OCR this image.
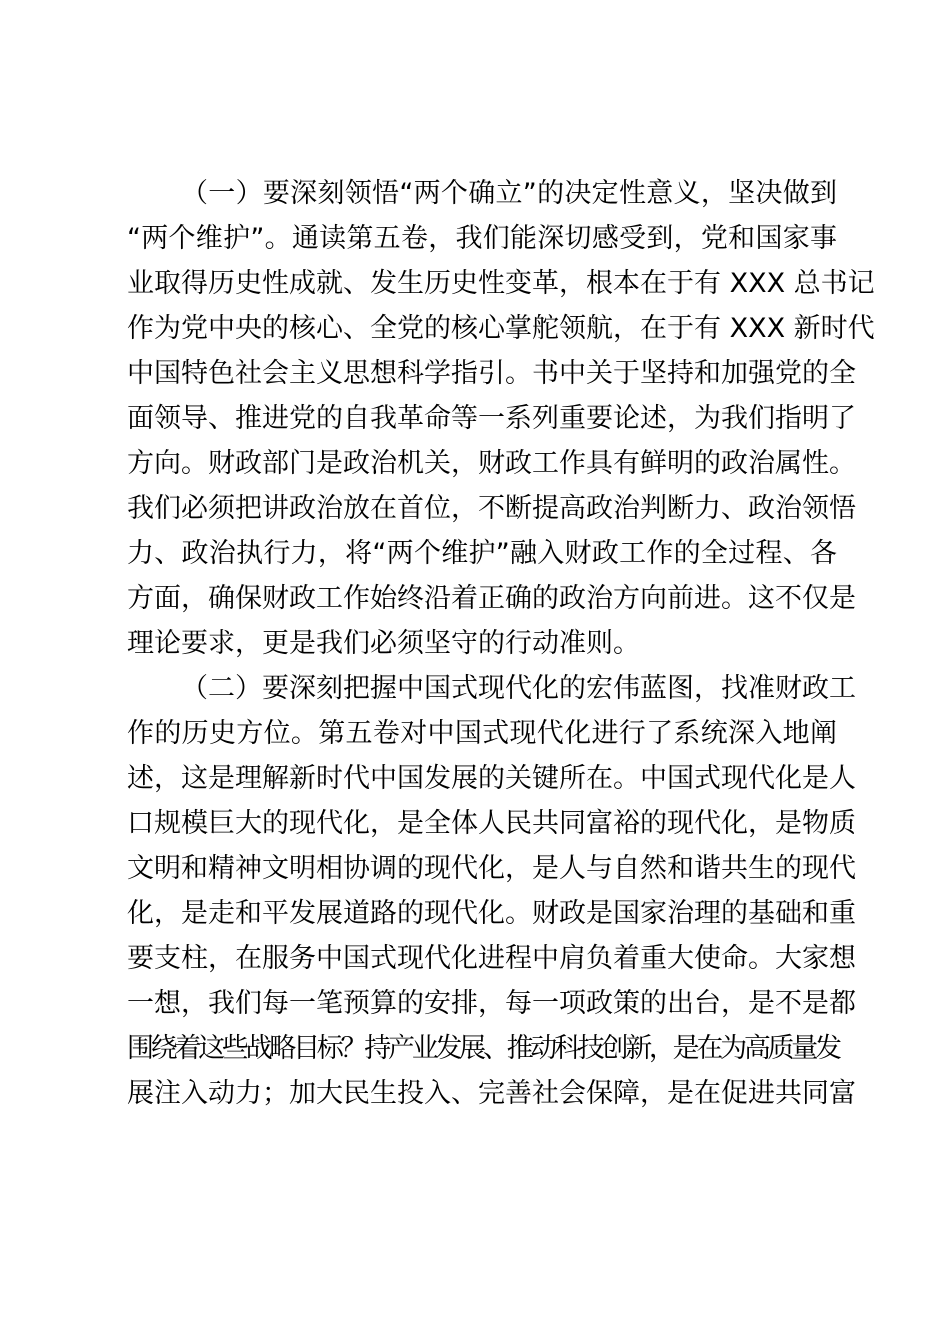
（一）要深刻领悟“两个确立”的决定性意义，坚决做到
“两个维护”。通读第五卷，我们能深切感受到，党和国家事
业取得历史性成就、发生历史性变革，根本在于有 XXX 总书记
作为党中央的核心、全党的核心掌舵领航，在于有 XXX 新时代
中国特色社会主义思想科学指引。书中关于坚持和加强党的全
面领导、推进党的自我革命等一系列重要论述，为我们指明了
方向。财政部门是政治机关，财政工作具有鲜明的政治属性。
我们必须把讲政治放在首位，不断提高政治判断力、政治领悟
力、政治执行力，将“两个维护”融入财政工作的全过程、各
方面，确保财政工作始终沿着正确的政治方向前进。这不仅是
理论要求，更是我们必须坚守的行动准则。
（二）要深刻把握中国式现代化的宏伟蓝图，找准财政工
作的历史方位。第五卷对中国式现代化进行了系统深入地阐
述，这是理解新时代中国发展的关键所在。中国式现代化是人
口规模巨大的现代化，是全体人民共同富裕的现代化，是物质
文明和精神文明相协调的现代化，是人与自然和谐共生的现代
化，是走和平发展道路的现代化。财政是国家治理的基础和重
要支柱，在服务中国式现代化进程中肩负着重大使命。大家想
一想，我们每一笔预算的安排，每一项政策的出台，是不是都
围绕着这些战略目标？持产业发展、推动科技创新，是在为高质量发
展注入动力；加大民生投入、完善社会保障，是在促进共同富
